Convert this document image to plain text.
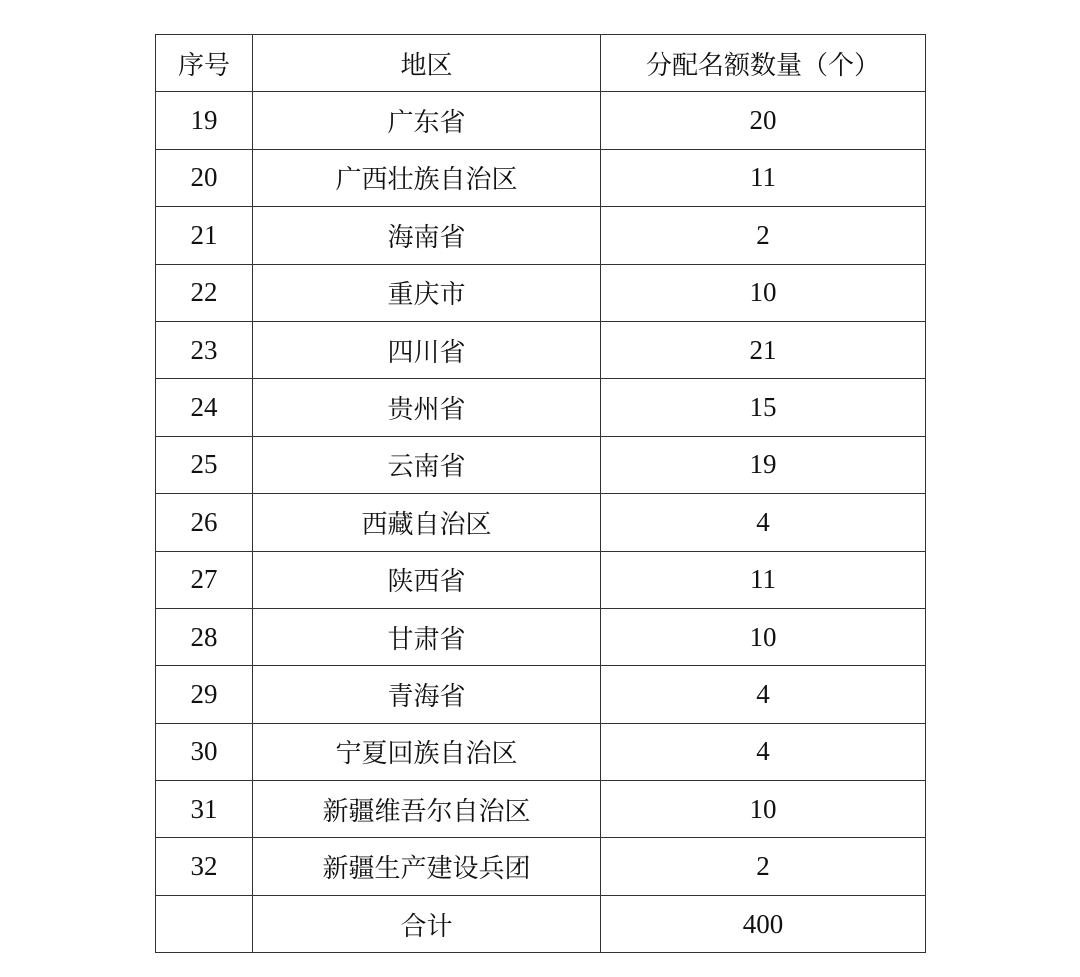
序号	地区	分配名额数量（个）
19	广东省	20
20	广西壮族自治区	11
21	海南省	2
22	重庆市	10
23	四川省	21
24	贵州省	15
25	云南省	19
26	西藏自治区	4
27	陕西省	11
28	甘肃省	10
29	青海省	4
30	宁夏回族自治区	4
31	新疆维吾尔自治区	10
32	新疆生产建设兵团	2
	合计	400
